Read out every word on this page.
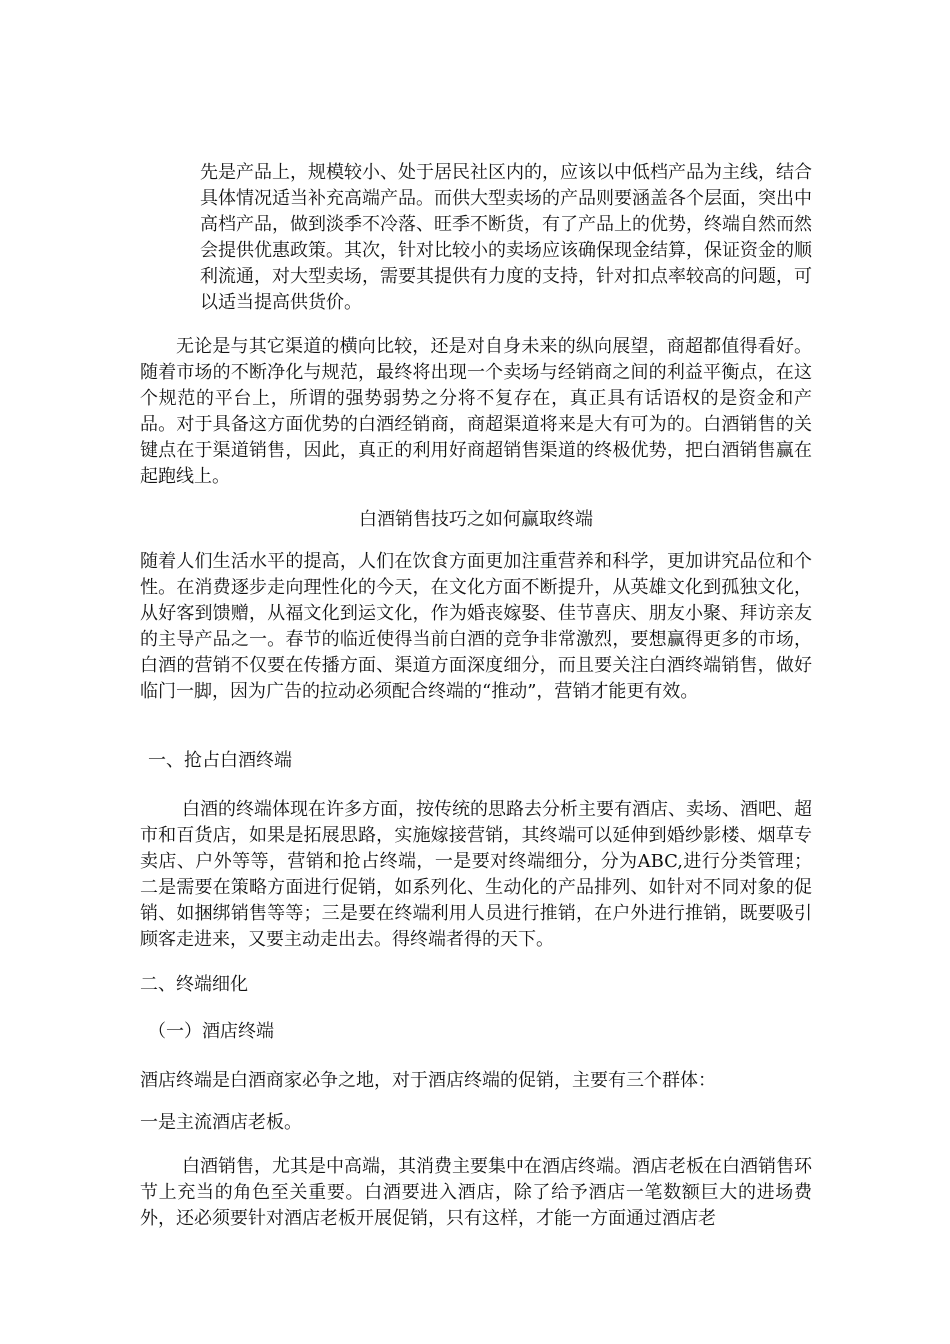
先是产品上，规模较小、处于居民社区内的，应该以中低档产品为主线，结合具体情况适当补充高端产品。而供大型卖场的产品则要涵盖各个层面，突出中高档产品，做到淡季不冷落、旺季不断货，有了产品上的优势，终端自然而然会提供优惠政策。其次，针对比较小的卖场应该确保现金结算，保证资金的顺利流通，对大型卖场，需要其提供有力度的支持，针对扣点率较高的问题，可以适当提高供货价。

无论是与其它渠道的横向比较，还是对自身未来的纵向展望，商超都值得看好。随着市场的不断净化与规范，最终将出现一个卖场与经销商之间的利益平衡点，在这个规范的平台上，所谓的强势弱势之分将不复存在，真正具有话语权的是资金和产品。对于具备这方面优势的白酒经销商，商超渠道将来是大有可为的。白酒销售的关键点在于渠道销售，因此，真正的利用好商超销售渠道的终极优势，把白酒销售赢在起跑线上。

白酒销售技巧之如何赢取终端

随着人们生活水平的提高，人们在饮食方面更加注重营养和科学，更加讲究品位和个性。在消费逐步走向理性化的今天，在文化方面不断提升，从英雄文化到孤独文化，从好客到馈赠，从福文化到运文化，作为婚丧嫁娶、佳节喜庆、朋友小聚、拜访亲友的主导产品之一。春节的临近使得当前白酒的竞争非常激烈，要想赢得更多的市场，白酒的营销不仅要在传播方面、渠道方面深度细分，而且要关注白酒终端销售，做好临门一脚，因为广告的拉动必须配合终端的“推动”，营销才能更有效。

一、抢占白酒终端

白酒的终端体现在许多方面，按传统的思路去分析主要有酒店、卖场、酒吧、超市和百货店，如果是拓展思路，实施嫁接营销，其终端可以延伸到婚纱影楼、烟草专卖店、户外等等，营销和抢占终端，一是要对终端细分，分为ABC,进行分类管理；二是需要在策略方面进行促销，如系列化、生动化的产品排列、如针对不同对象的促销、如捆绑销售等等；三是要在终端利用人员进行推销，在户外进行推销，既要吸引顾客走进来，又要主动走出去。得终端者得的天下。

二、终端细化

（一）酒店终端

酒店终端是白酒商家必争之地，对于酒店终端的促销，主要有三个群体：

一是主流酒店老板。

白酒销售，尤其是中高端，其消费主要集中在酒店终端。酒店老板在白酒销售环节上充当的角色至关重要。白酒要进入酒店，除了给予酒店一笔数额巨大的进场费外，还必须要针对酒店老板开展促销，只有这样，才能一方面通过酒店老
